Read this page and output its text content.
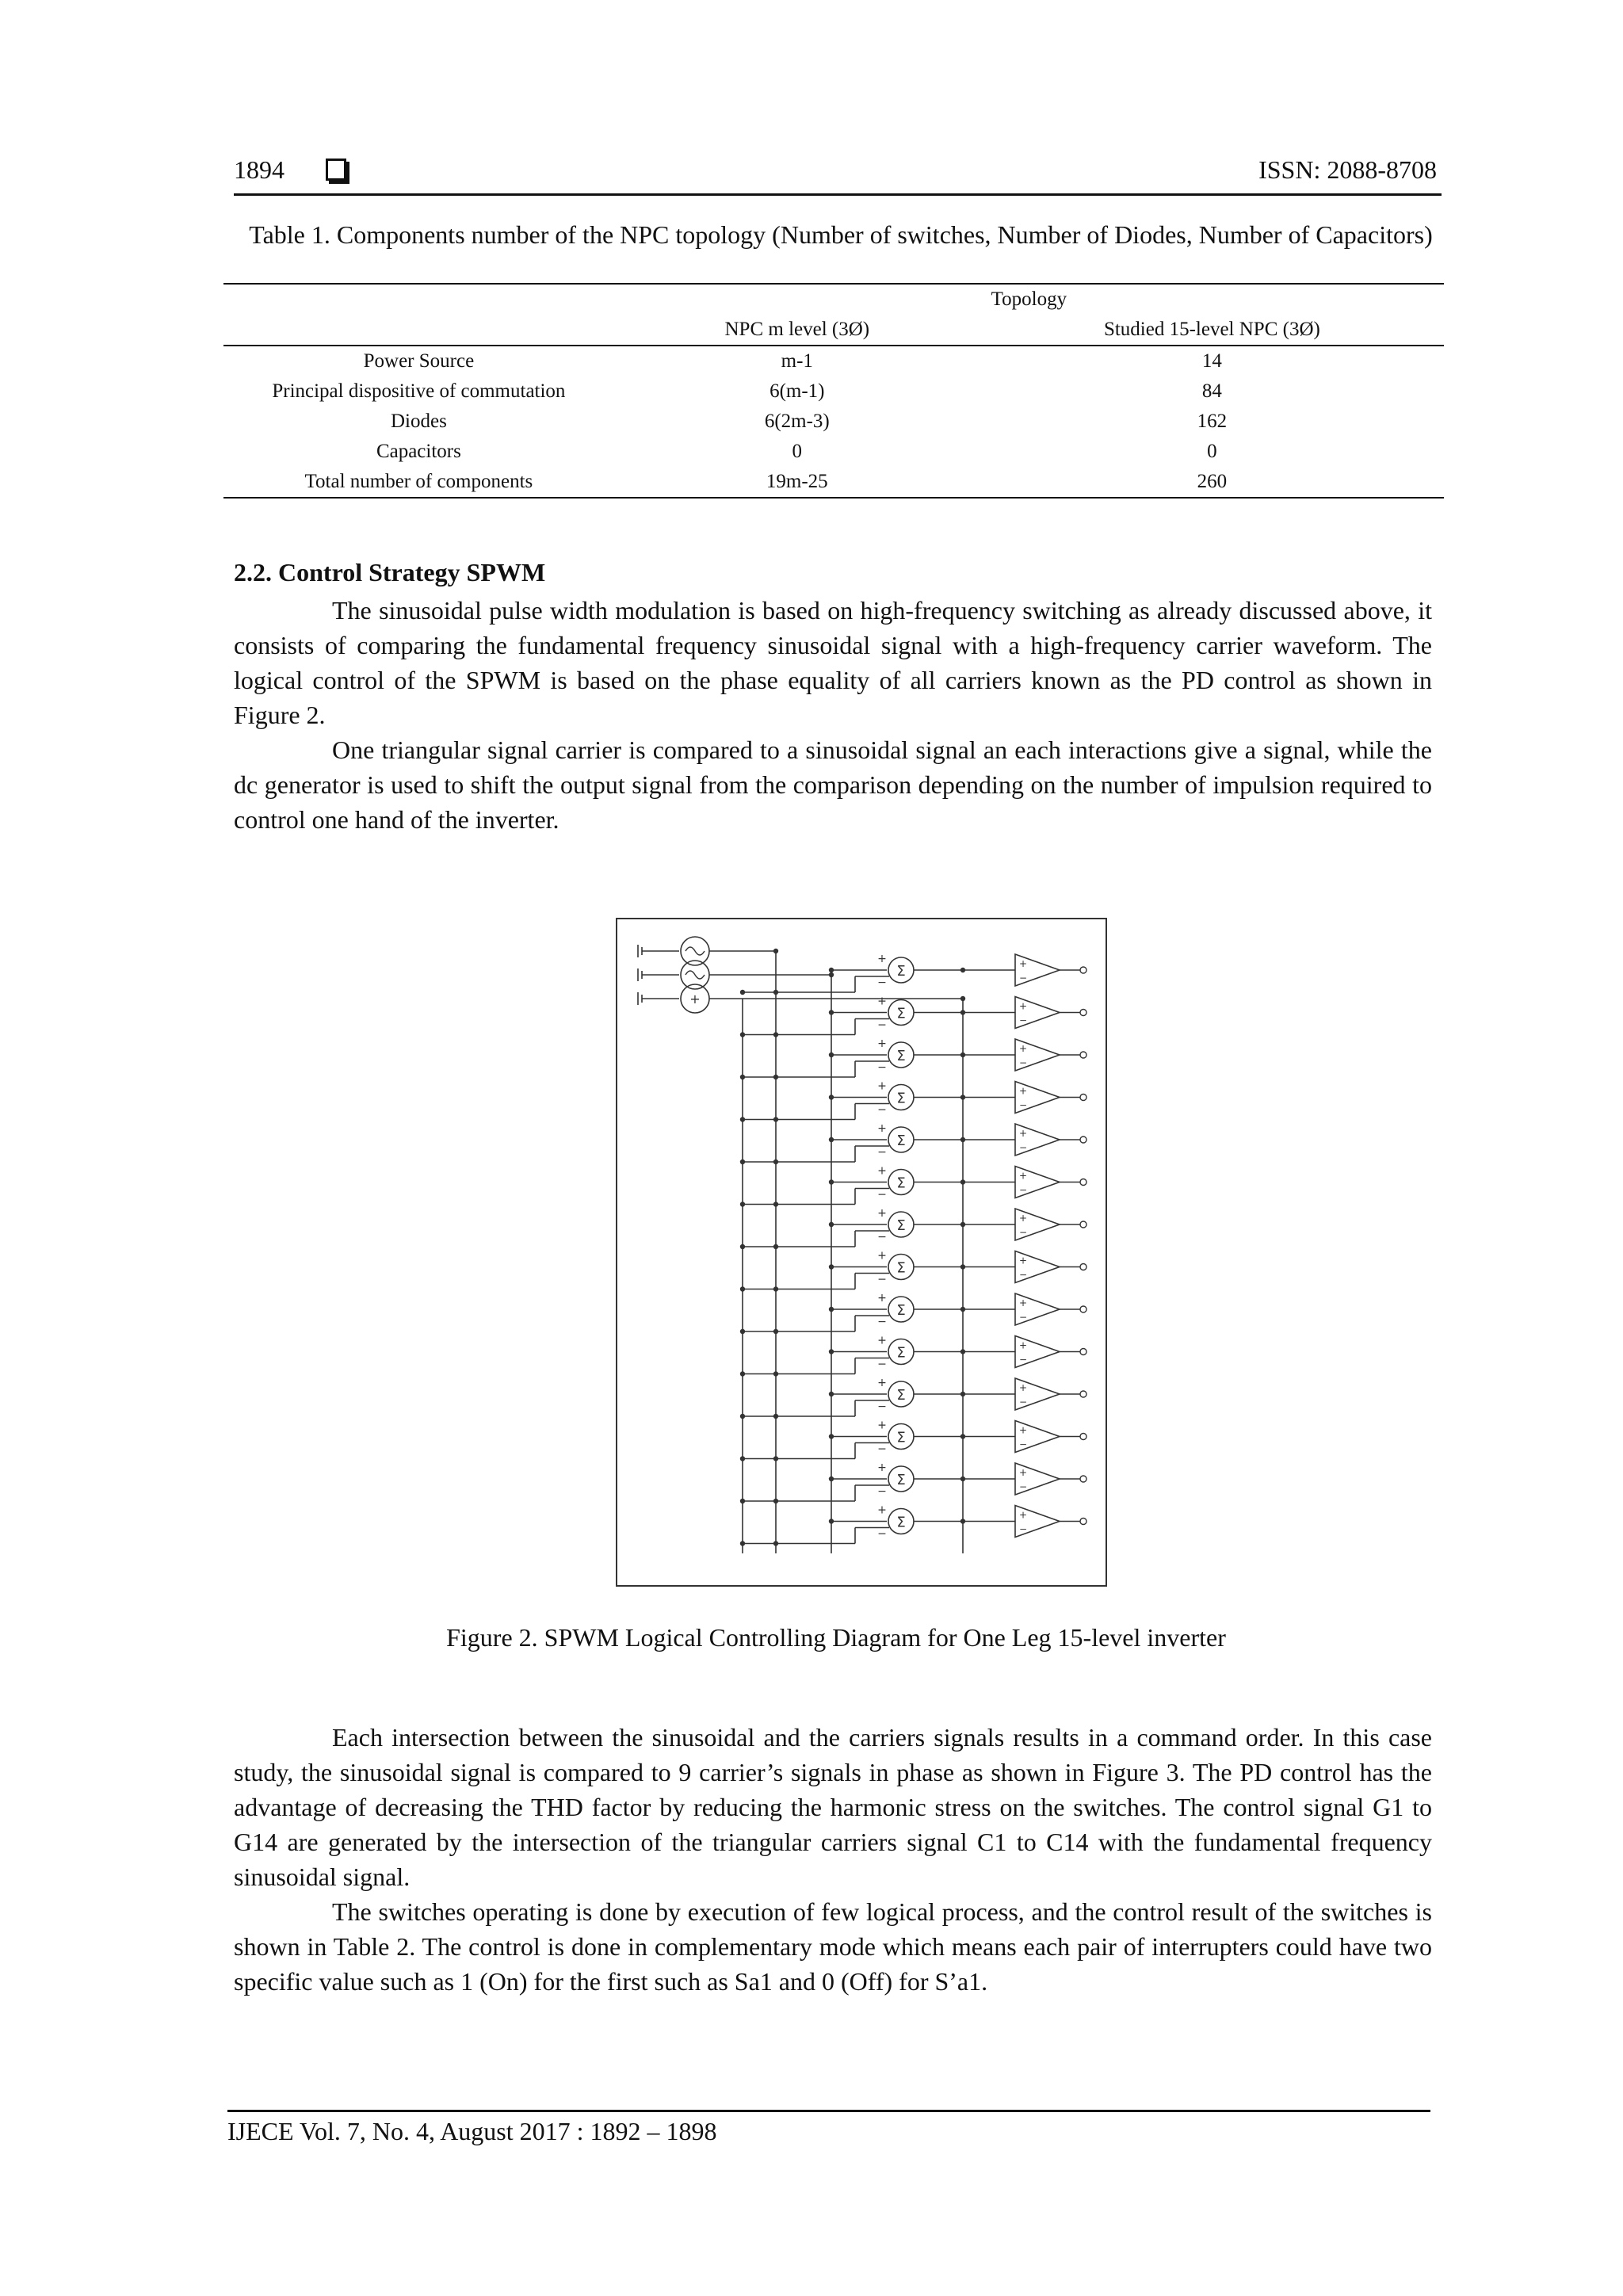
1894	ISSN: 2088-8708
Table 1. Components number of the NPC topology (Number of switches, Number of Diodes, Number of Capacitors)
	Topology	
	NPC m level (3Ø)	Studied 15-level NPC (3Ø)
Power Source	m-1	14
Principal dispositive of commutation	6(m-1)	84
Diodes	6(2m-3)	162
Capacitors	0	0
Total number of components	19m-25	260
2.2. Control Strategy SPWM

The sinusoidal pulse width modulation is based on high-frequency switching as already discussed above, it consists of comparing the fundamental frequency sinusoidal signal with a high-frequency carrier waveform. The logical control of the SPWM is based on the phase equality of all carriers known as the PD control as shown in Figure 2.

One triangular signal carrier is compared to a sinusoidal signal an each interactions give a signal, while the dc generator is used to shift the output signal from the comparison depending on the number of impulsion required to control one hand of the inverter.

+
Σ
+
−
+
−
Σ
+
−
+
−
Σ
+
−
+
−
Σ
+
−
+
−
Σ
+
−
+
−
Σ
+
−
+
−
Σ
+
−
+
−
Σ
+
−
+
−
Σ
+
−
+
−
Σ
+
−
+
−
Σ
+
−
+
−
Σ
+
−
+
−
Σ
+
−
+
−
Σ
+
−
+
−
Figure 2. SPWM Logical Controlling Diagram for One Leg 15-level inverter

Each intersection between the sinusoidal and the carriers signals results in a command order. In this case study, the sinusoidal signal is compared to 9 carrier’s signals in phase as shown in Figure 3. The PD control has the advantage of decreasing the THD factor by reducing the harmonic stress on the switches. The control signal G1 to G14 are generated by the intersection of the triangular carriers signal C1 to C14 with the fundamental frequency sinusoidal signal.

The switches operating is done by execution of few logical process, and the control result of the switches is shown in Table 2. The control is done in complementary mode which means each pair of interrupters could have two specific value such as 1 (On) for the first such as Sa1 and 0 (Off) for S’a1.

IJECE Vol. 7, No. 4, August 2017 : 1892 – 1898
